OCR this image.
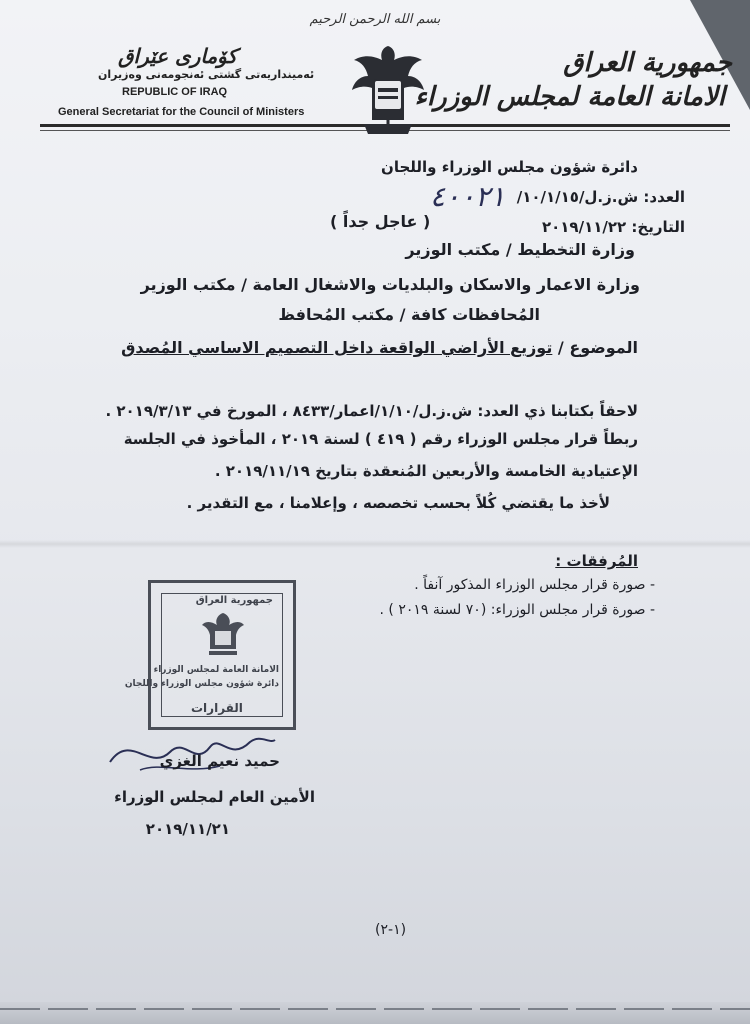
بسم الله الرحمن الرحيم
جمهورية العراق
الامانة العامة لمجلس الوزراء
كۆماری عێراق
ئەمینداریەتی گشتی ئەنجومەنی وەزیران
REPUBLIC OF IRAQ
General Secretariat for the Council of Ministers
دائرة شؤون مجلس الوزراء واللجان
العدد: ش.ز.ل/١٠/١/١٥/
٤٠٠٢١
التاريخ: ٢٠١٩/١١/٢٢
( عاجل جداً )
وزارة التخطيط / مكتب الوزير
وزارة الاعمار والاسكان والبلديات والاشغال العامة / مكتب الوزير
المُحافظات كافة / مكتب المُحافظ
الموضوع / توزيع الأراضي الواقعة داخل التصميم الاساسي المُصدق
لاحقاً بكتابنا ذي العدد: ش.ز.ل/١/١٠/اعمار/٨٤٣٣ ، المورخ في ٢٠١٩/٣/١٣ .
ربطاً قرار مجلس الوزراء رقم ( ٤١٩ ) لسنة ٢٠١٩ ، المأخوذ في الجلسة
الإعتيادية الخامسة والأربعين المُنعقدة بتاريخ ٢٠١٩/١١/١٩ .
لأخذ ما يقتضي كُلاً بحسب تخصصه ، وإعلامنا ، مع التقدير .
المُرفقات :
- صورة قرار مجلس الوزراء المذكور آنفاً .
- صورة قرار مجلس الوزراء: (٧٠ لسنة ٢٠١٩ ) .
جمهورية العراق
الامانة العامة لمجلس الوزراء
دائرة شؤون مجلس الوزراء واللجان
القرارات
حميد نعيم الغزي
الأمين العام لمجلس الوزراء
٢٠١٩/١١/٢١
(١-٢)
